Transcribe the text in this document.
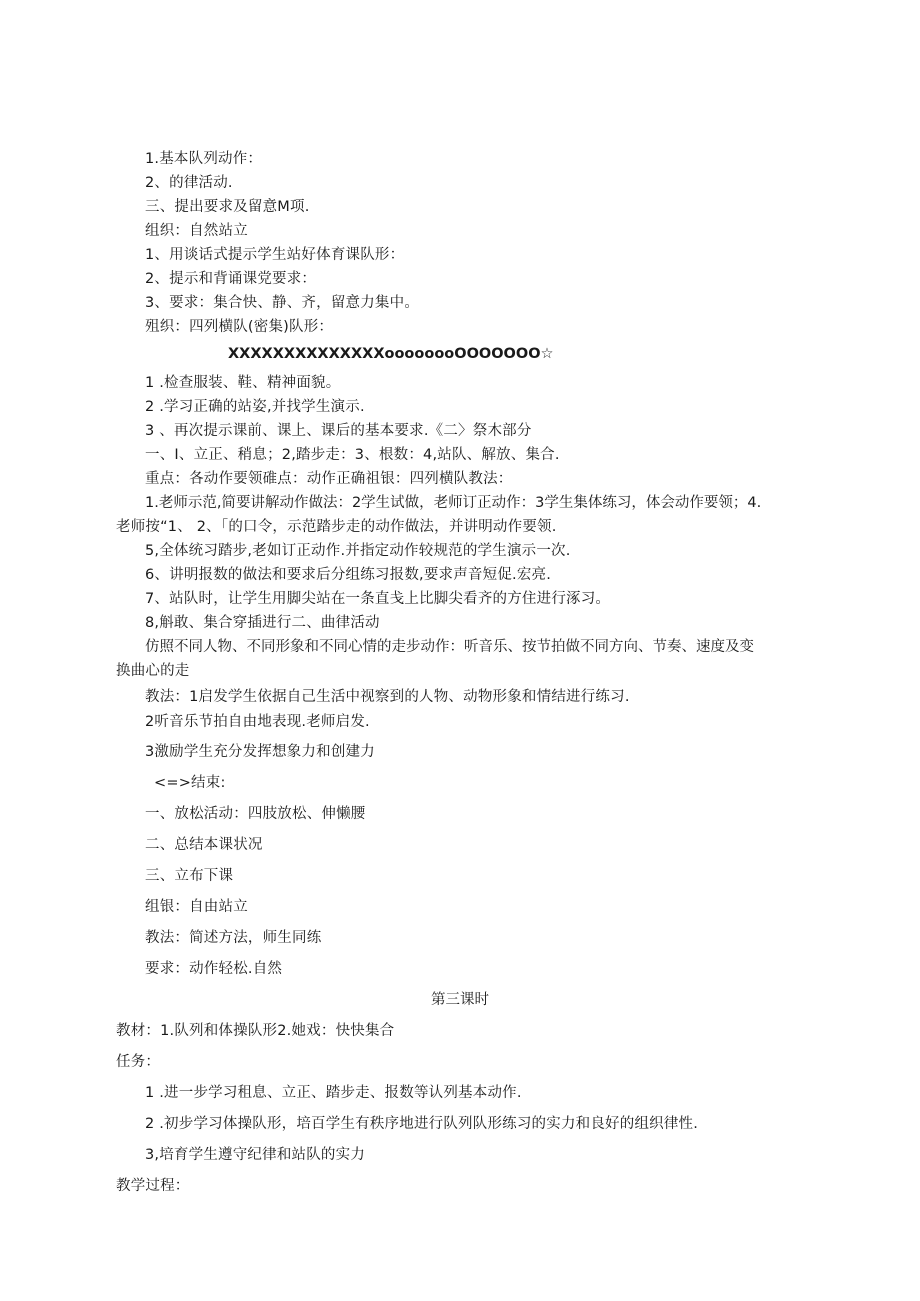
1.基本队列动作：
2、的律活动.
三、提出要求及留意M项.
组织：自然站立
1、用谈话式提示学生站好体育课队形：
2、提示和背诵课党要求：
3、要求：集合快、静、齐，留意力集中。
殂织：四列横队(密集)队形：
XXXXXXXXXXXXXXoooooooOOOOOOO☆
1 .检查服装、鞋、精神面貌。
2 .学习正确的站姿,并找学生演示.
3 、再次提示课前、课上、课后的基本要求.《二〉祭木部分
一、I、立正、稍息；2,踏步走：3、根数：4,站队、解放、集合.
重点：各动作要领碓点：动作正确祖银：四列横队教法：
1.老师示范,简要讲解动作做法：2学生试做，老师订正动作：3学生集体练习，体会动作要领；4.
老师按“1、 2、「的口令，示范踏步走的动作做法，并讲明动作要领.
5,全体统习踏步,老如订正动作.并指定动作较规范的学生演示一次.
6、讲明报数的做法和要求后分组练习报数,要求声音短促.宏亮.
7、站队时，让学生用脚尖站在一条直戋上比脚尖看齐的方住进行涿习。
8,斛敢、集合穿插进行二、曲律活动
仿照不同人物、不同形象和不同心情的走步动作：听音乐、按节拍做不同方向、节奏、速度及变
换曲心的走
教法：1启发学生依据自己生活中视察到的人物、动物形象和情结进行练习.
2听音乐节拍自由地表现.老师启发.
3激励学生充分发挥想象力和创建力
<=>结束:
一、放松活动：四肢放松、伸懒腰
二、总结本课状况
三、立布下课
组银：自由站立
教法：简述方法，师生同练
要求：动作轻松.自然
第三课时
教材：1.队列和体操队形2.她戏：快快集合
任务：
1 .进一步学习租息、立正、踏步走、报数等认列基本动作.
2 .初步学习体操队形，培百学生有秩序地进行队列队形练习的实力和良好的组织律性.
3,培育学生遵守纪律和站队的实力
教学过程：
